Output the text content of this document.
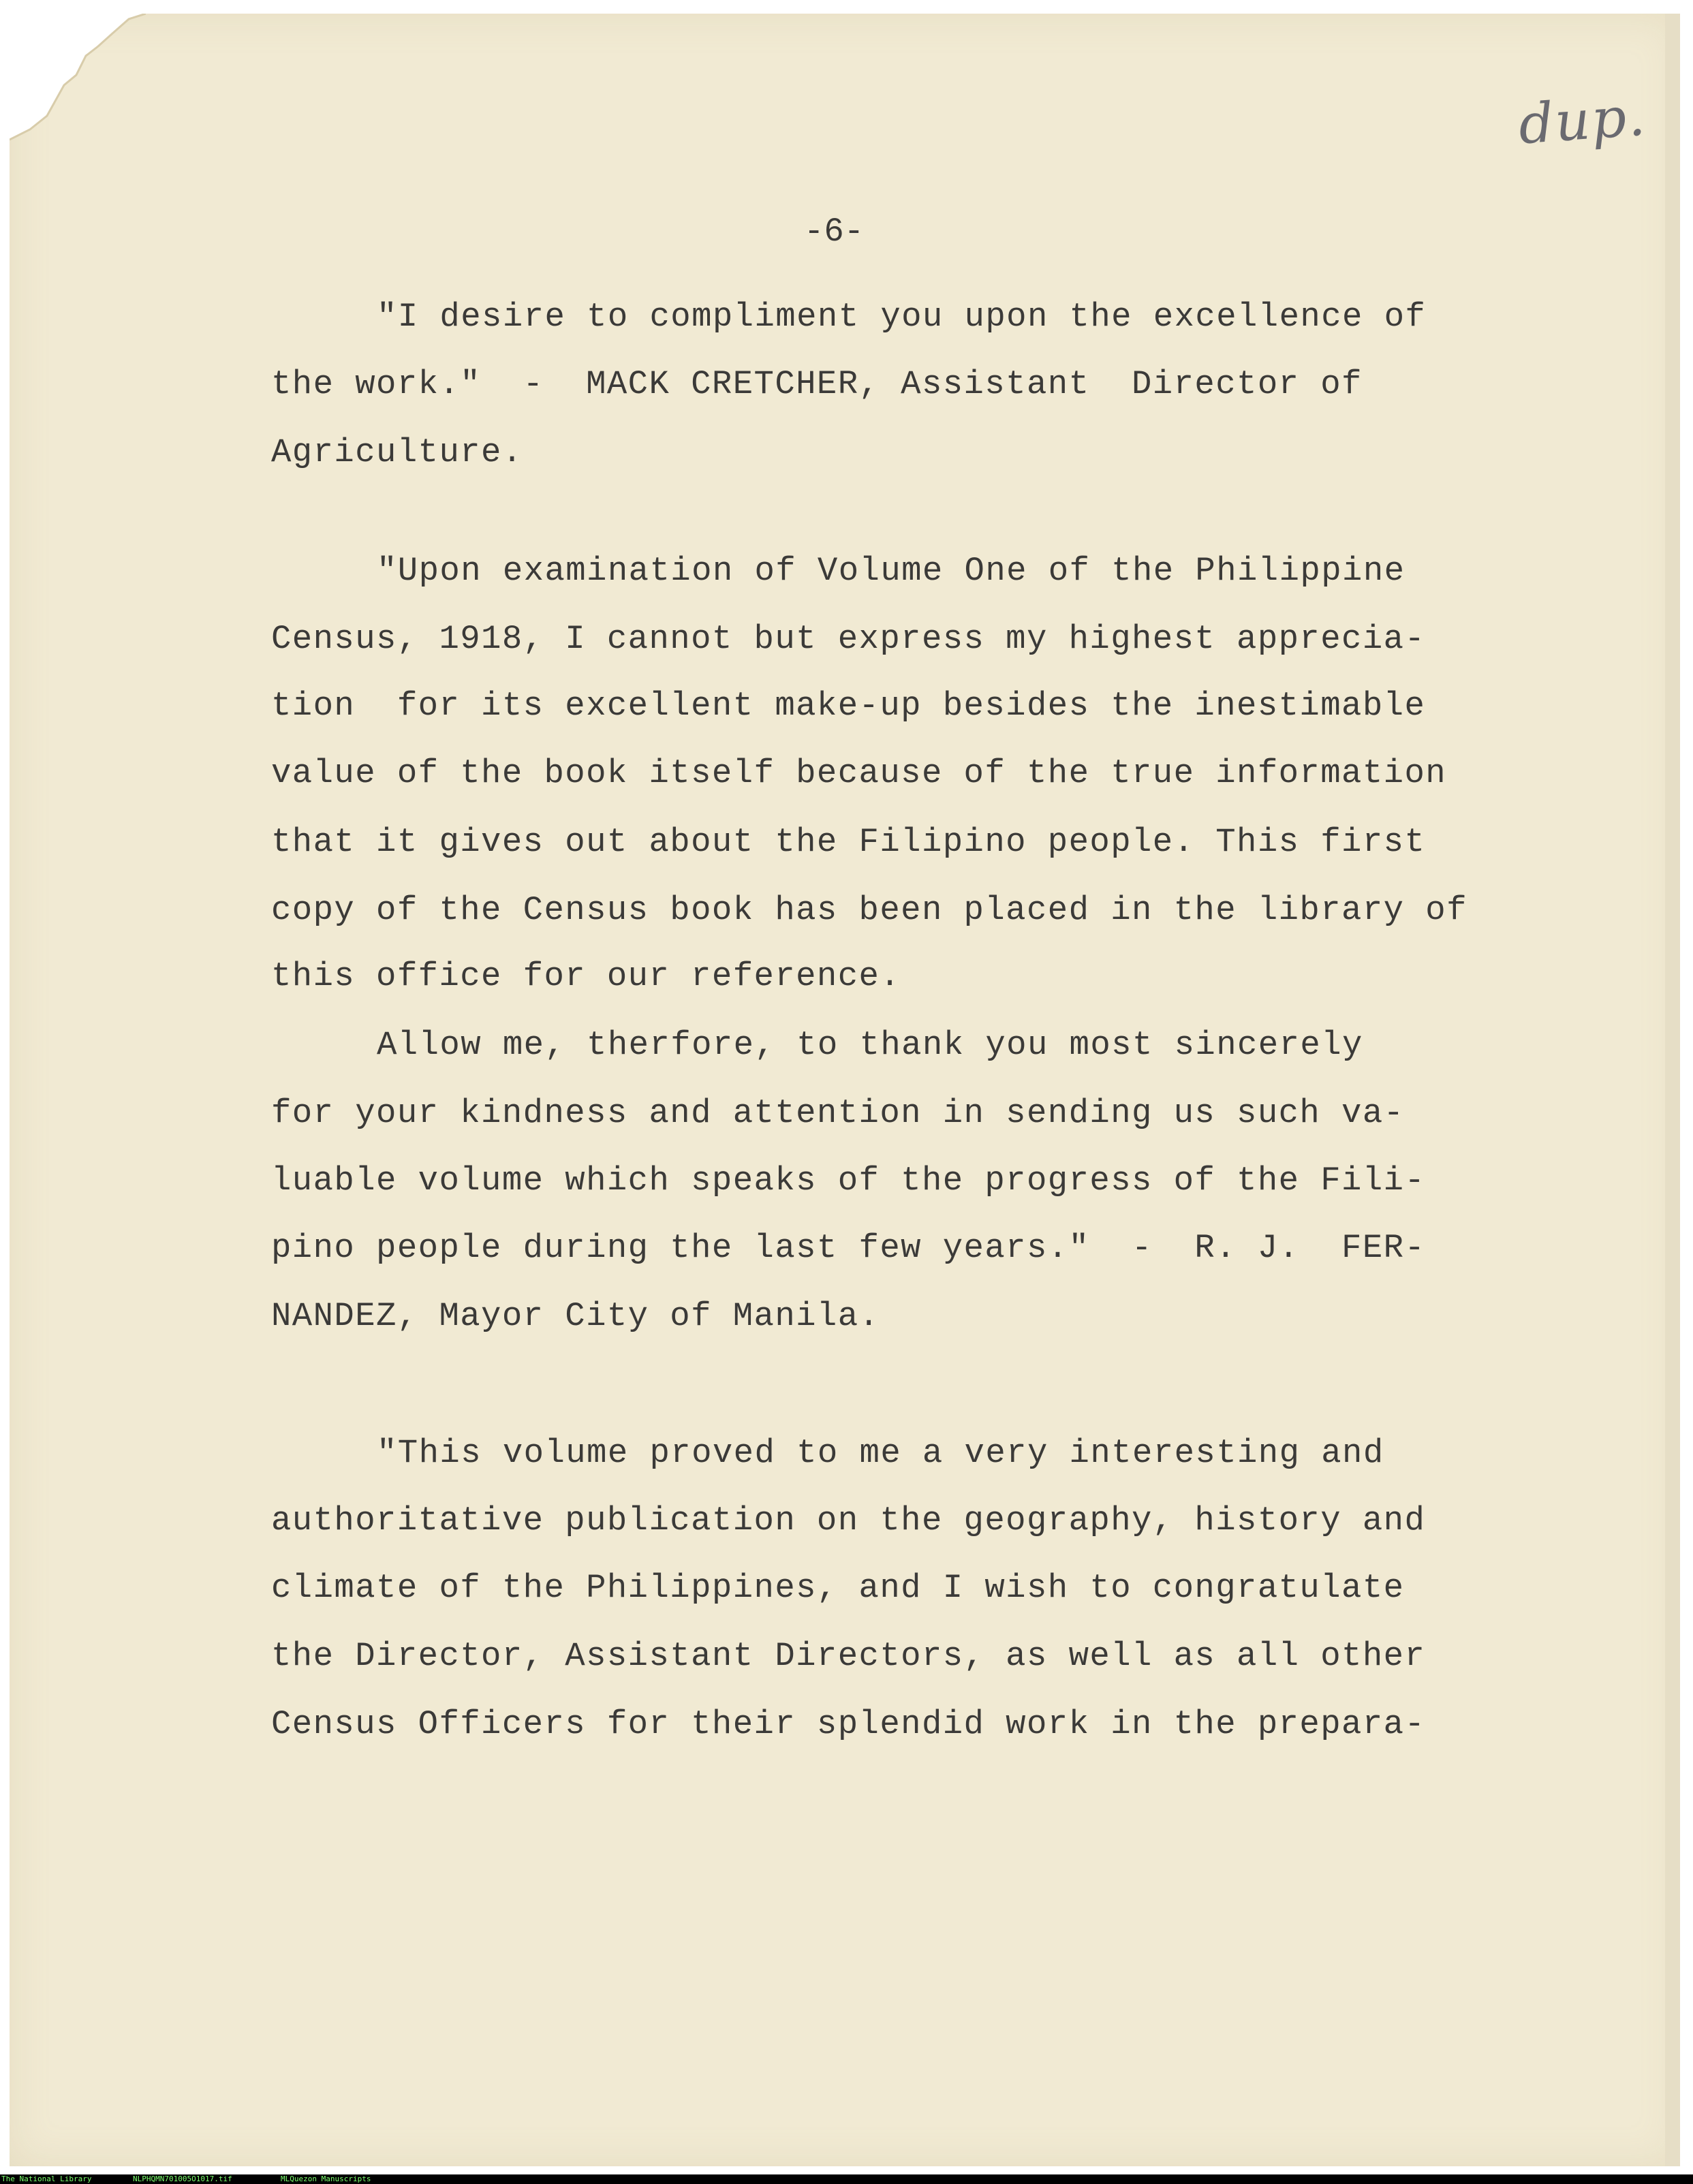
dup.
-6-
"I desire to compliment you upon the excellence of
the work."  -  MACK CRETCHER, Assistant  Director of
Agriculture.
"Upon examination of Volume One of the Philippine
Census, 1918, I cannot but express my highest apprecia-
tion  for its excellent make-up besides the inestimable
value of the book itself because of the true information
that it gives out about the Filipino people. This first
copy of the Census book has been placed in the library of
this office for our reference.
Allow me, therfore, to thank you most sincerely
for your kindness and attention in sending us such va-
luable volume which speaks of the progress of the Fili-
pino people during the last few years."  -  R. J.  FER-
NANDEZ, Mayor City of Manila.
"This volume proved to me a very interesting and
authoritative publication on the geography, history and
climate of the Philippines, and I wish to congratulate
the Director, Assistant Directors, as well as all other
Census Officers for their splendid work in the prepara-
The National Library	NLPHQMN701005O1017.tif	MLQuezon Manuscripts
